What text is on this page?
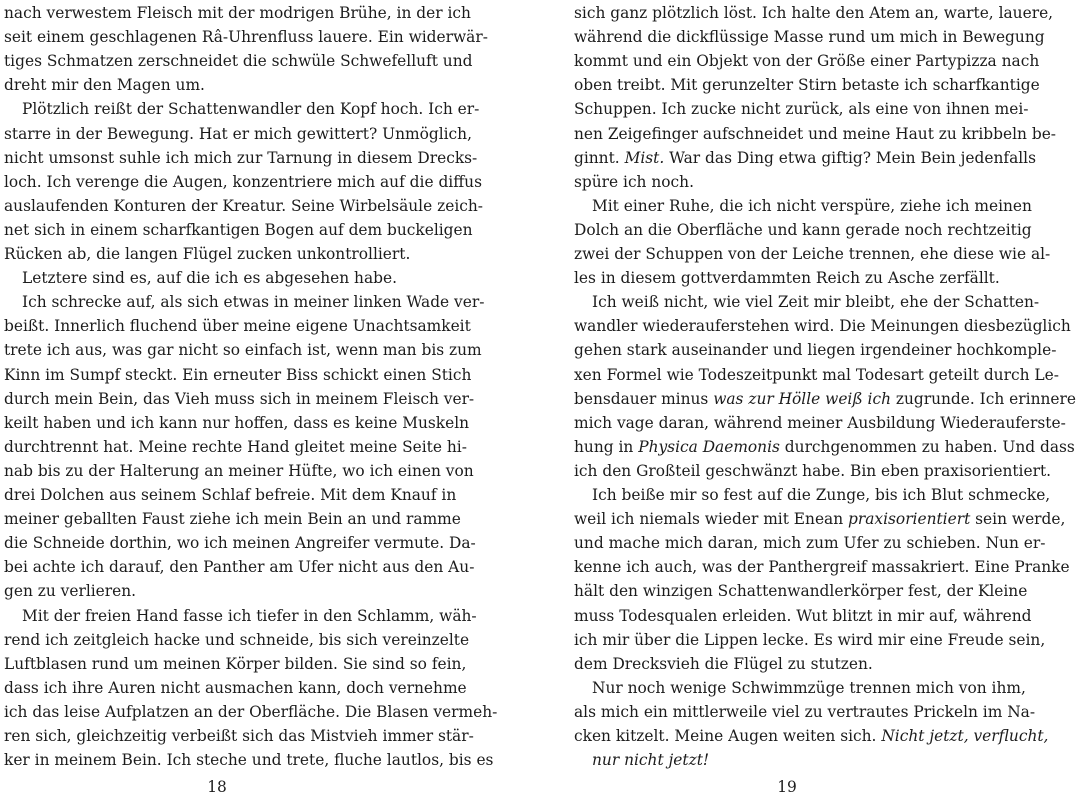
nach verwestem Fleisch mit der modrigen Brühe, in der ich
seit einem geschlagenen Râ-Uhrenfluss lauere. Ein widerwär-
tiges Schmatzen zerschneidet die schwüle Schwefelluft und
dreht mir den Magen um.
Plötzlich reißt der Schattenwandler den Kopf hoch. Ich er-
starre in der Bewegung. Hat er mich gewittert? Unmöglich,
nicht umsonst suhle ich mich zur Tarnung in diesem Drecks-
loch. Ich verenge die Augen, konzentriere mich auf die diffus
auslaufenden Konturen der Kreatur. Seine Wirbelsäule zeich-
net sich in einem scharfkantigen Bogen auf dem buckeligen
Rücken ab, die langen Flügel zucken unkontrolliert.
Letztere sind es, auf die ich es abgesehen habe.
Ich schrecke auf, als sich etwas in meiner linken Wade ver-
beißt. Innerlich fluchend über meine eigene Unachtsamkeit
trete ich aus, was gar nicht so einfach ist, wenn man bis zum
Kinn im Sumpf steckt. Ein erneuter Biss schickt einen Stich
durch mein Bein, das Vieh muss sich in meinem Fleisch ver-
keilt haben und ich kann nur hoffen, dass es keine Muskeln
durchtrennt hat. Meine rechte Hand gleitet meine Seite hi-
nab bis zu der Halterung an meiner Hüfte, wo ich einen von
drei Dolchen aus seinem Schlaf befreie. Mit dem Knauf in
meiner geballten Faust ziehe ich mein Bein an und ramme
die Schneide dorthin, wo ich meinen Angreifer vermute. Da-
bei achte ich darauf, den Panther am Ufer nicht aus den Au-
gen zu verlieren.
Mit der freien Hand fasse ich tiefer in den Schlamm, wäh-
rend ich zeitgleich hacke und schneide, bis sich vereinzelte
Luftblasen rund um meinen Körper bilden. Sie sind so fein,
dass ich ihre Auren nicht ausmachen kann, doch vernehme
ich das leise Aufplatzen an der Oberfläche. Die Blasen vermeh-
ren sich, gleichzeitig verbeißt sich das Mistvieh immer stär-
ker in meinem Bein. Ich steche und trete, fluche lautlos, bis es
18
sich ganz plötzlich löst. Ich halte den Atem an, warte, lauere,
während die dickflüssige Masse rund um mich in Bewegung
kommt und ein Objekt von der Größe einer Partypizza nach
oben treibt. Mit gerunzelter Stirn betaste ich scharfkantige
Schuppen. Ich zucke nicht zurück, als eine von ihnen mei-
nen Zeigefinger aufschneidet und meine Haut zu kribbeln be-
ginnt. Mist. War das Ding etwa giftig? Mein Bein jedenfalls
spüre ich noch.
Mit einer Ruhe, die ich nicht verspüre, ziehe ich meinen
Dolch an die Oberfläche und kann gerade noch rechtzeitig
zwei der Schuppen von der Leiche trennen, ehe diese wie al-
les in diesem gottverdammten Reich zu Asche zerfällt.
Ich weiß nicht, wie viel Zeit mir bleibt, ehe der Schatten-
wandler wiederauferstehen wird. Die Meinungen diesbezüglich
gehen stark auseinander und liegen irgendeiner hochkomple-
xen Formel wie Todeszeitpunkt mal Todesart geteilt durch Le-
bensdauer minus was zur Hölle weiß ich zugrunde. Ich erinnere
mich vage daran, während meiner Ausbildung Wiederauferste-
hung in Physica Daemonis durchgenommen zu haben. Und dass
ich den Großteil geschwänzt habe. Bin eben praxisorientiert.
Ich beiße mir so fest auf die Zunge, bis ich Blut schmecke,
weil ich niemals wieder mit Enean praxisorientiert sein werde,
und mache mich daran, mich zum Ufer zu schieben. Nun er-
kenne ich auch, was der Panthergreif massakriert. Eine Pranke
hält den winzigen Schattenwandlerkörper fest, der Kleine
muss Todesqualen erleiden. Wut blitzt in mir auf, während
ich mir über die Lippen lecke. Es wird mir eine Freude sein,
dem Drecksvieh die Flügel zu stutzen.
Nur noch wenige Schwimmzüge trennen mich von ihm,
als mich ein mittlerweile viel zu vertrautes Prickeln im Na-
cken kitzelt. Meine Augen weiten sich. Nicht jetzt, verflucht,
nur nicht jetzt!
19
